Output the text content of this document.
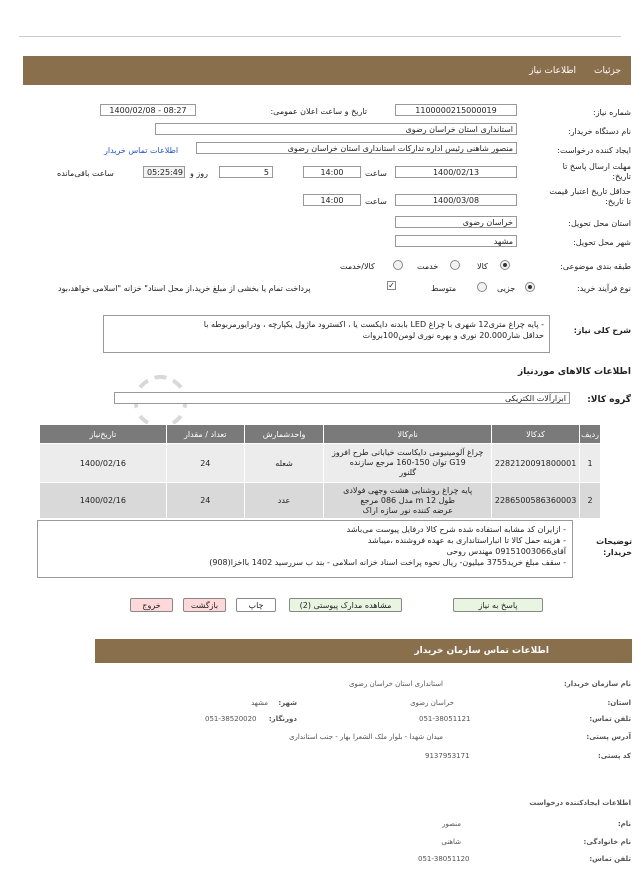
جزئیات
اطلاعات نیاز
شماره نیاز:
1100000215000019
تاریخ و ساعت اعلان عمومی:
1400/02/08 - 08:27
نام دستگاه خریدار:
استانداری استان خراسان رضوی
ایجاد کننده درخواست:
منصور شاهنی رئیس اداره تدارکات استانداری استان خراسان رضوی
اطلاعات تماس خریدار
مهلت ارسال پاسخ تا تاریخ:
1400/02/13
ساعت
14:00
5
روز و
05:25:49
ساعت باقی‌مانده
حداقل تاریخ اعتبار قیمت تا تاریخ:
1400/03/08
ساعت
14:00
استان محل تحویل:
خراسان رضوی
شهر محل تحویل:
مشهد
طبقه بندی موضوعی:
کالا
خدمت
کالا/خدمت
نوع فرآیند خرید:
جزیی
متوسط
✓
پرداخت تمام یا بخشی از مبلغ خرید،از محل اسناد" خزانه "اسلامی خواهد،بود
شرح کلی نیاز:
- پایه چراغ متری12 شهری با چراغ LED بابدنه دایکست یا ، اکسترود ماژول یکپارچه ، ودرایورمربوطه با
حداقل شار20.000 نوری و بهره نوری لومن100بروات
اطلاعات کالاهای موردنیاز
گروه کالا:
ابزارآلات الکتریکی
ردیف	کدکالا	نام‌کالا	واحدشمارش	تعداد / مقدار	تاریخ‌نیاز
1	2282120091800001	چراغ آلومینیومی دایکاست خیابانی طرح افروز
G19 توان 150-160 مرجع سازنده
گلنور	شعله	24	1400/02/16
2	2286500586360003	پایه چراغ روشنایی هشت وجهی فولادی
طول 12 m مدل 086 مرجع
عرضه کننده نور سازه اراک	عدد	24	1400/02/16
توضیحات خریدار:
- ازایران کد مشابه استفاده شده شرح کالا درفایل پیوست می‌باشد
- هزینه حمل کالا تا انباراستانداری به عهده فروشنده ،میباشد
آقای09151003066 مهندس روحی
- سقف مبلغ خرید3755 میلیون- ریال نحوه پراخت اسناد خزانه اسلامی - بند ب سررسید 1402 بااخزا(908)
پاسخ به نیاز
مشاهده مدارک پیوستی (2)
چاپ
بازگشت
خروج
اطلاعات تماس سازمان خریدار
نام سازمان خریدار:
استانداری استان خراسان رضوی
استان:
خراسان رضوی
شهر:
مشهد
تلفن تماس:
051-38051121
دورنگار:
051-38520020
آدرس پستی:
میدان شهدا - بلوار ملک الشعرا بهار - جنب استانداری
کد پستی:
9137953171
اطلاعات ایجادکننده درخواست
نام:
منصور
نام خانوادگی:
شاهنی
تلفن تماس:
051-38051120
